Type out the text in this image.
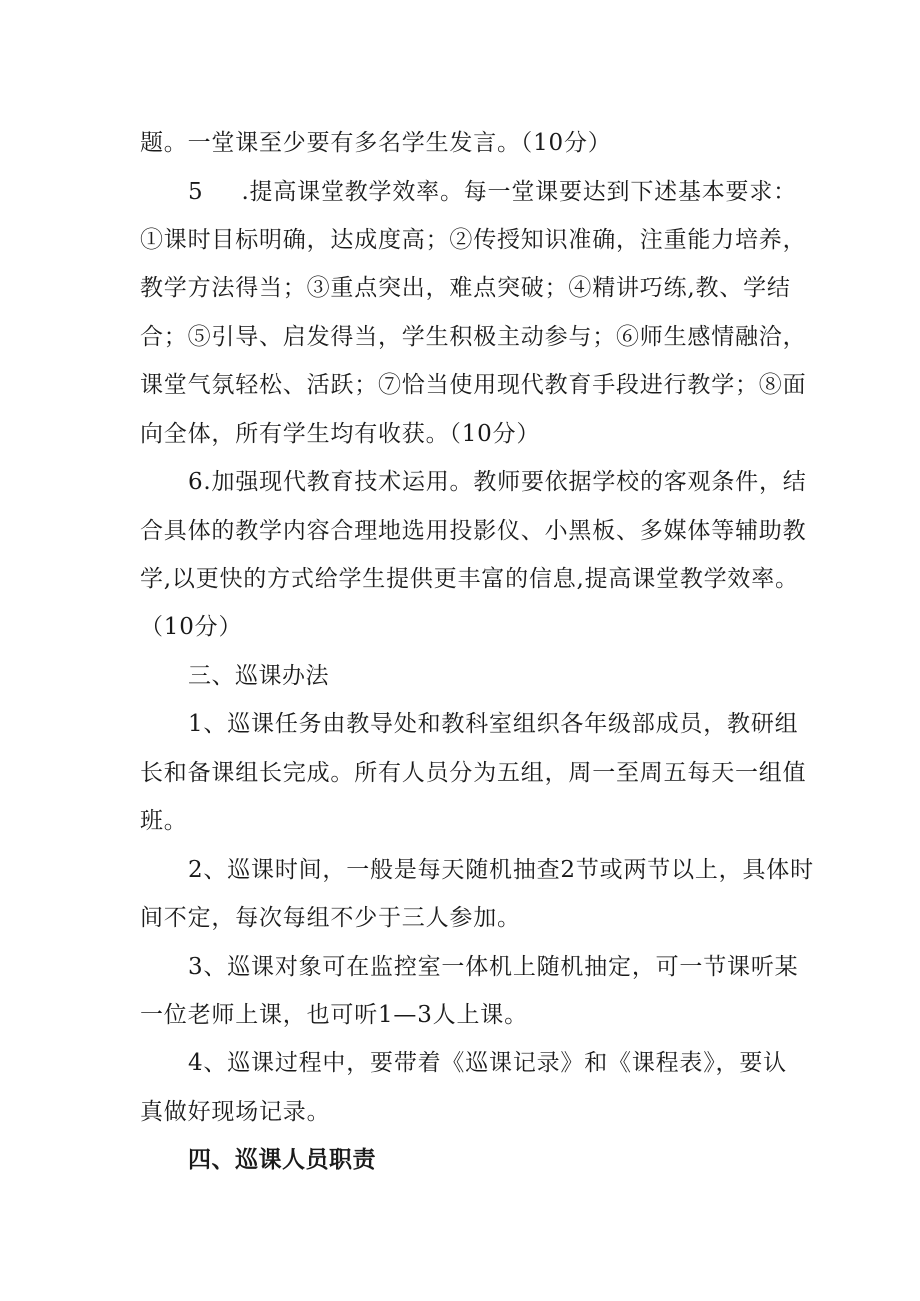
题。一堂课至少要有多名学生发言。（10分）
5 .提高课堂教学效率。每一堂课要达到下述基本要求：
①课时目标明确，达成度高；②传授知识准确，注重能力培养，
教学方法得当；③重点突出，难点突破；④精讲巧练,教、学结
合；⑤引导、启发得当，学生积极主动参与；⑥师生感情融洽，
课堂气氛轻松、活跃；⑦恰当使用现代教育手段进行教学；⑧面
向全体，所有学生均有收获。（10分）
6.加强现代教育技术运用。教师要依据学校的客观条件，结
合具体的教学内容合理地选用投影仪、小黑板、多媒体等辅助教
学,以更快的方式给学生提供更丰富的信息,提高课堂教学效率。
（10分）
三、巡课办法
1、巡课任务由教导处和教科室组织各年级部成员，教研组
长和备课组长完成。所有人员分为五组，周一至周五每天一组值
班。
2、巡课时间，一般是每天随机抽查2节或两节以上，具体时
间不定，每次每组不少于三人参加。
3、巡课对象可在监控室一体机上随机抽定，可一节课听某
一位老师上课，也可听1—3人上课。
4、巡课过程中，要带着《巡课记录》和《课程表》，要认
真做好现场记录。
四、巡课人员职责
